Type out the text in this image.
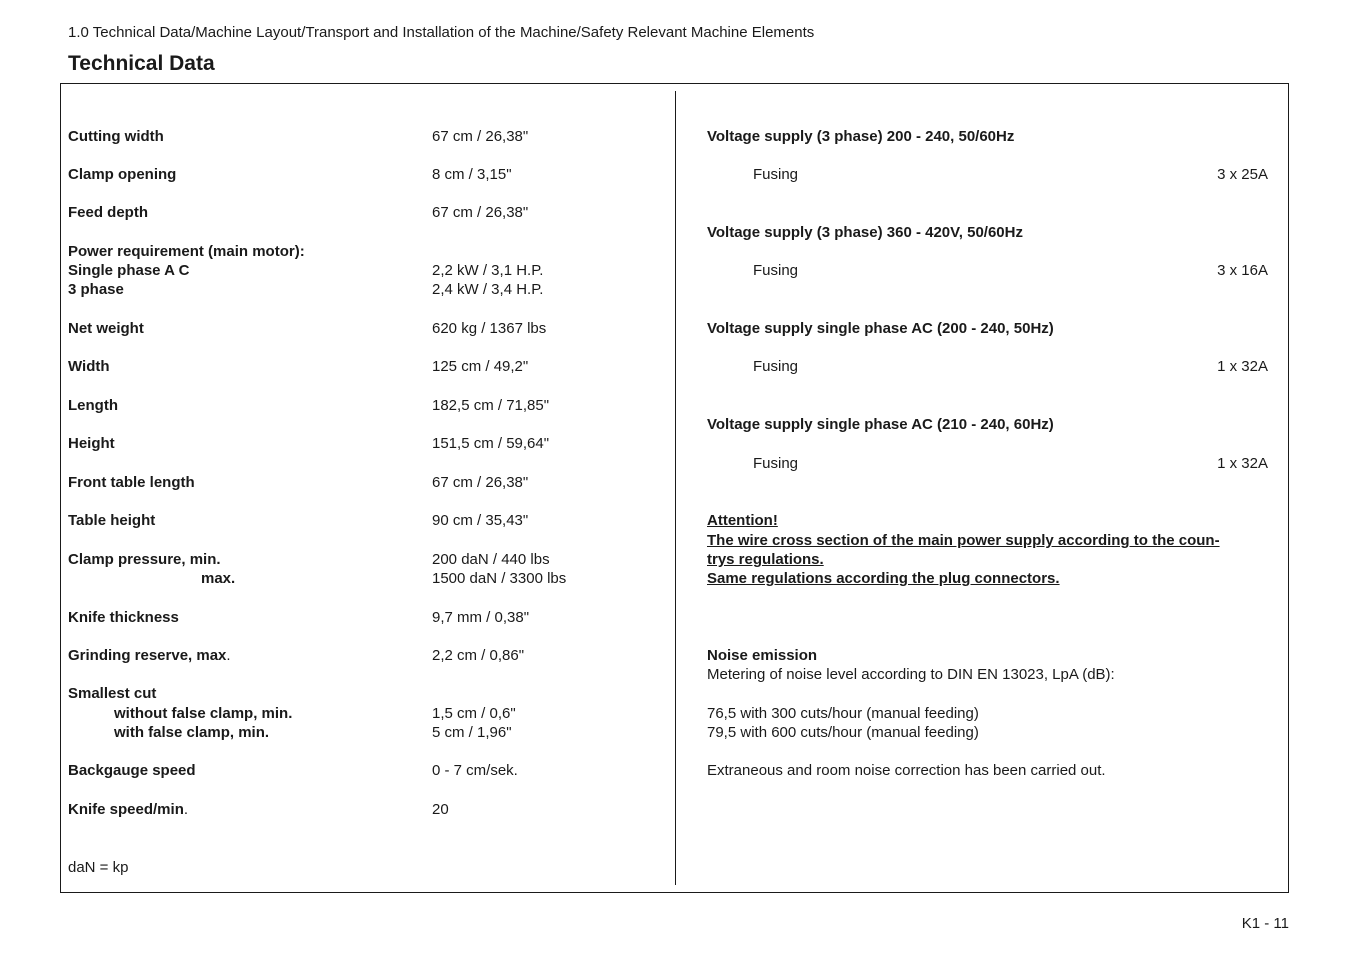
1.0 Technical Data/Machine Layout/Transport and Installation of the Machine/Safety Relevant Machine Elements
Technical Data
Cutting width	67 cm / 26,38"
Clamp opening	8 cm / 3,15"
Feed depth	67 cm / 26,38"
Power requirement (main motor):
Single phase A C	2,2 kW / 3,1 H.P.
3 phase	2,4 kW / 3,4 H.P.
Net weight	620 kg / 1367 lbs
Width	125 cm / 49,2"
Length	182,5 cm / 71,85"
Height	151,5 cm / 59,64"
Front table length	67 cm / 26,38"
Table height	90 cm / 35,43"
Clamp pressure, min.	200 daN / 440 lbs
max.	1500 daN / 3300 lbs
Knife thickness	9,7 mm / 0,38"
Grinding reserve, max.	2,2 cm / 0,86"
Smallest cut
without false clamp, min.	1,5 cm / 0,6"
with false clamp, min.	5 cm / 1,96"
Backgauge speed	0 - 7 cm/sek.
Knife speed/min.	20
daN = kp
Voltage supply (3 phase) 200 - 240, 50/60Hz
Fusing	3 x 25A
Voltage supply (3 phase) 360 - 420V, 50/60Hz
Fusing	3 x 16A
Voltage supply single phase AC (200 - 240, 50Hz)
Fusing	1 x 32A
Voltage supply single phase AC (210 - 240, 60Hz)
Fusing	1 x 32A
Attention!
The wire cross section of the main power supply according to the coun-
trys regulations.
Same regulations according the plug connectors.
Noise emission
Metering of noise level according to DIN EN 13023, LpA (dB):
76,5 with 300 cuts/hour (manual feeding)
79,5 with 600 cuts/hour (manual feeding)
Extraneous and room noise correction has been carried out.
K1 - 11
